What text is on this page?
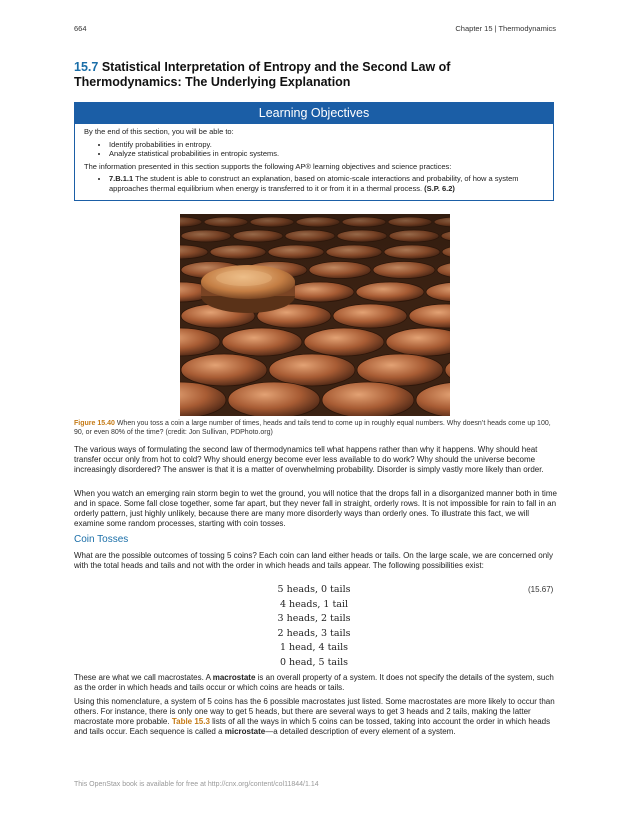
664	Chapter 15 | Thermodynamics
15.7 Statistical Interpretation of Entropy and the Second Law of Thermodynamics: The Underlying Explanation
Learning Objectives

By the end of this section, you will be able to:

• Identify probabilities in entropy.
• Analyze statistical probabilities in entropic systems.

The information presented in this section supports the following AP® learning objectives and science practices:

• 7.B.1.1 The student is able to construct an explanation, based on atomic-scale interactions and probability, of how a system approaches thermal equilibrium when energy is transferred to it or from it in a thermal process. (S.P. 6.2)
Figure 15.40 When you toss a coin a large number of times, heads and tails tend to come up in roughly equal numbers. Why doesn’t heads come up 100, 90, or even 80% of the time? (credit: Jon Sullivan, PDPhoto.org)

The various ways of formulating the second law of thermodynamics tell what happens rather than why it happens. Why should heat transfer occur only from hot to cold? Why should energy become ever less available to do work? Why should the universe become increasingly disordered? The answer is that it is a matter of overwhelming probability. Disorder is simply vastly more likely than order.

When you watch an emerging rain storm begin to wet the ground, you will notice that the drops fall in a disorganized manner both in time and in space. Some fall close together, some far apart, but they never fall in straight, orderly rows. It is not impossible for rain to fall in an orderly pattern, just highly unlikely, because there are many more disorderly ways than orderly ones. To illustrate this fact, we will examine some random processes, starting with coin tosses.

Coin Tosses

What are the possible outcomes of tossing 5 coins? Each coin can land either heads or tails. On the large scale, we are concerned only with the total heads and tails and not with the order in which heads and tails appear. The following possibilities exist:

5 heads, 0 tails
4 heads, 1 tail
3 heads, 2 tails
2 heads, 3 tails
1 head, 4 tails
0 head, 5 tails
(15.67)

These are what we call macrostates. A macrostate is an overall property of a system. It does not specify the details of the system, such as the order in which heads and tails occur or which coins are heads or tails.

Using this nomenclature, a system of 5 coins has the 6 possible macrostates just listed. Some macrostates are more likely to occur than others. For instance, there is only one way to get 5 heads, but there are several ways to get 3 heads and 2 tails, making the latter macrostate more probable. Table 15.3 lists of all the ways in which 5 coins can be tossed, taking into account the order in which heads and tails occur. Each sequence is called a microstate—a detailed description of every element of a system.

This OpenStax book is available for free at http://cnx.org/content/col11844/1.14
